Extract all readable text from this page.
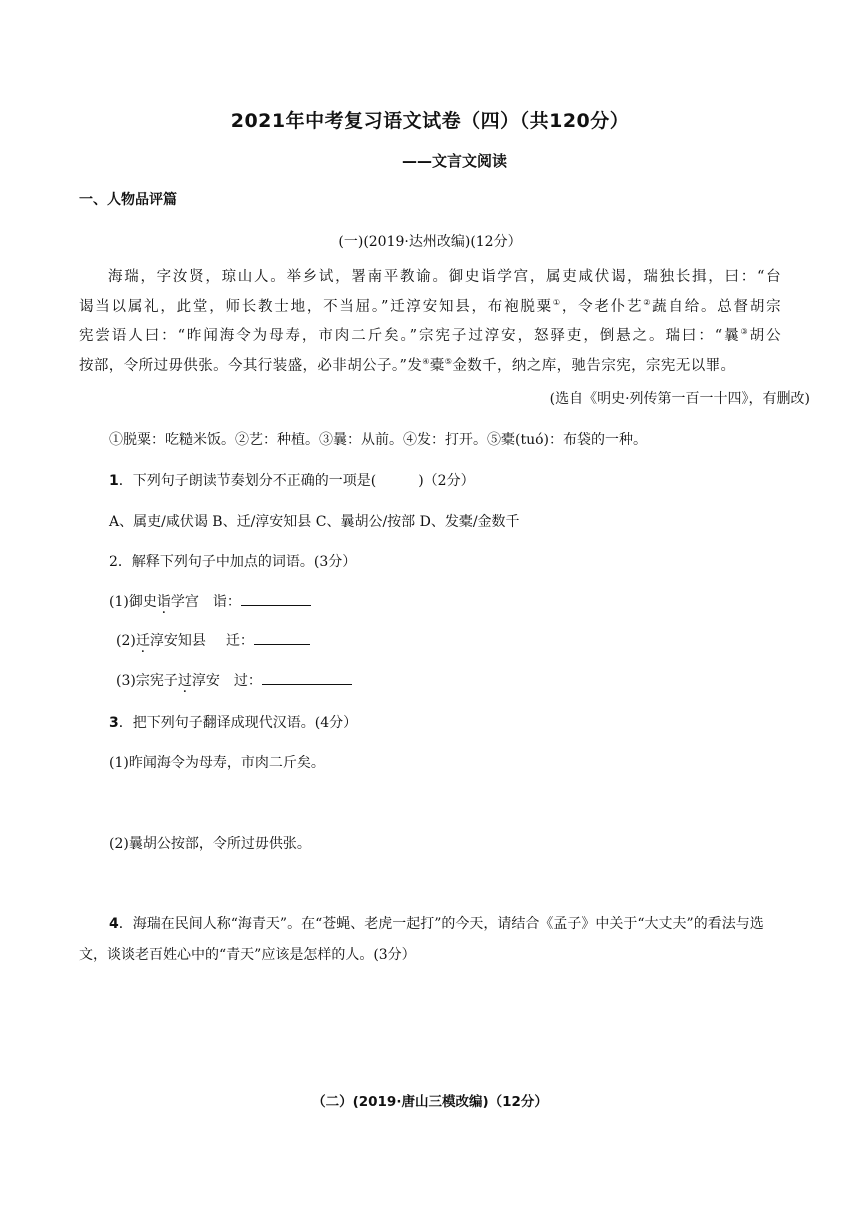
2021年中考复习语文试卷（四）（共120分）
——文言文阅读
一、人物品评篇
(一)(2019·达州改编)(12分）
海瑞，字汝贤，琼山人。举乡试，署南平教谕。御史诣学宫，属吏咸伏谒，瑞独长揖，曰：“台
谒当以属礼，此堂，师长教士地，不当屈。”迁淳安知县，布袍脱粟①，令老仆艺②蔬自给。总督胡宗
宪尝语人曰：“昨闻海令为母寿，市肉二斤矣。”宗宪子过淳安，怒驿吏，倒悬之。瑞曰：“曩③胡公
按部，令所过毋供张。今其行装盛，必非胡公子。”发④橐⑤金数千，纳之库，驰告宗宪，宗宪无以罪。
(选自《明史·列传第一百一十四》，有删改)
①脱粟：吃糙米饭。②艺：种植。③曩：从前。④发：打开。⑤橐(tuó)：布袋的一种。
1．下列句子朗读节奏划分不正确的一项是(	)（2分）
A、属吏/咸伏谒 B、迁/淳安知县 C、曩胡公/按部 D、发橐/金数千
2．解释下列句子中加点的词语。(3分）
(1)御史诣学宫 诣：
(2)迁淳安知县 迁：
(3)宗宪子过淳安 过：
3．把下列句子翻译成现代汉语。(4分）
(1)昨闻海令为母寿，市肉二斤矣。
(2)曩胡公按部，令所过毋供张。
4．海瑞在民间人称“海青天”。在“苍蝇、老虎一起打”的今天，请结合《孟子》中关于“大丈夫”的看法与选文，谈谈老百姓心中的“青天”应该是怎样的人。(3分）
（二）(2019·唐山三模改编)（12分）
